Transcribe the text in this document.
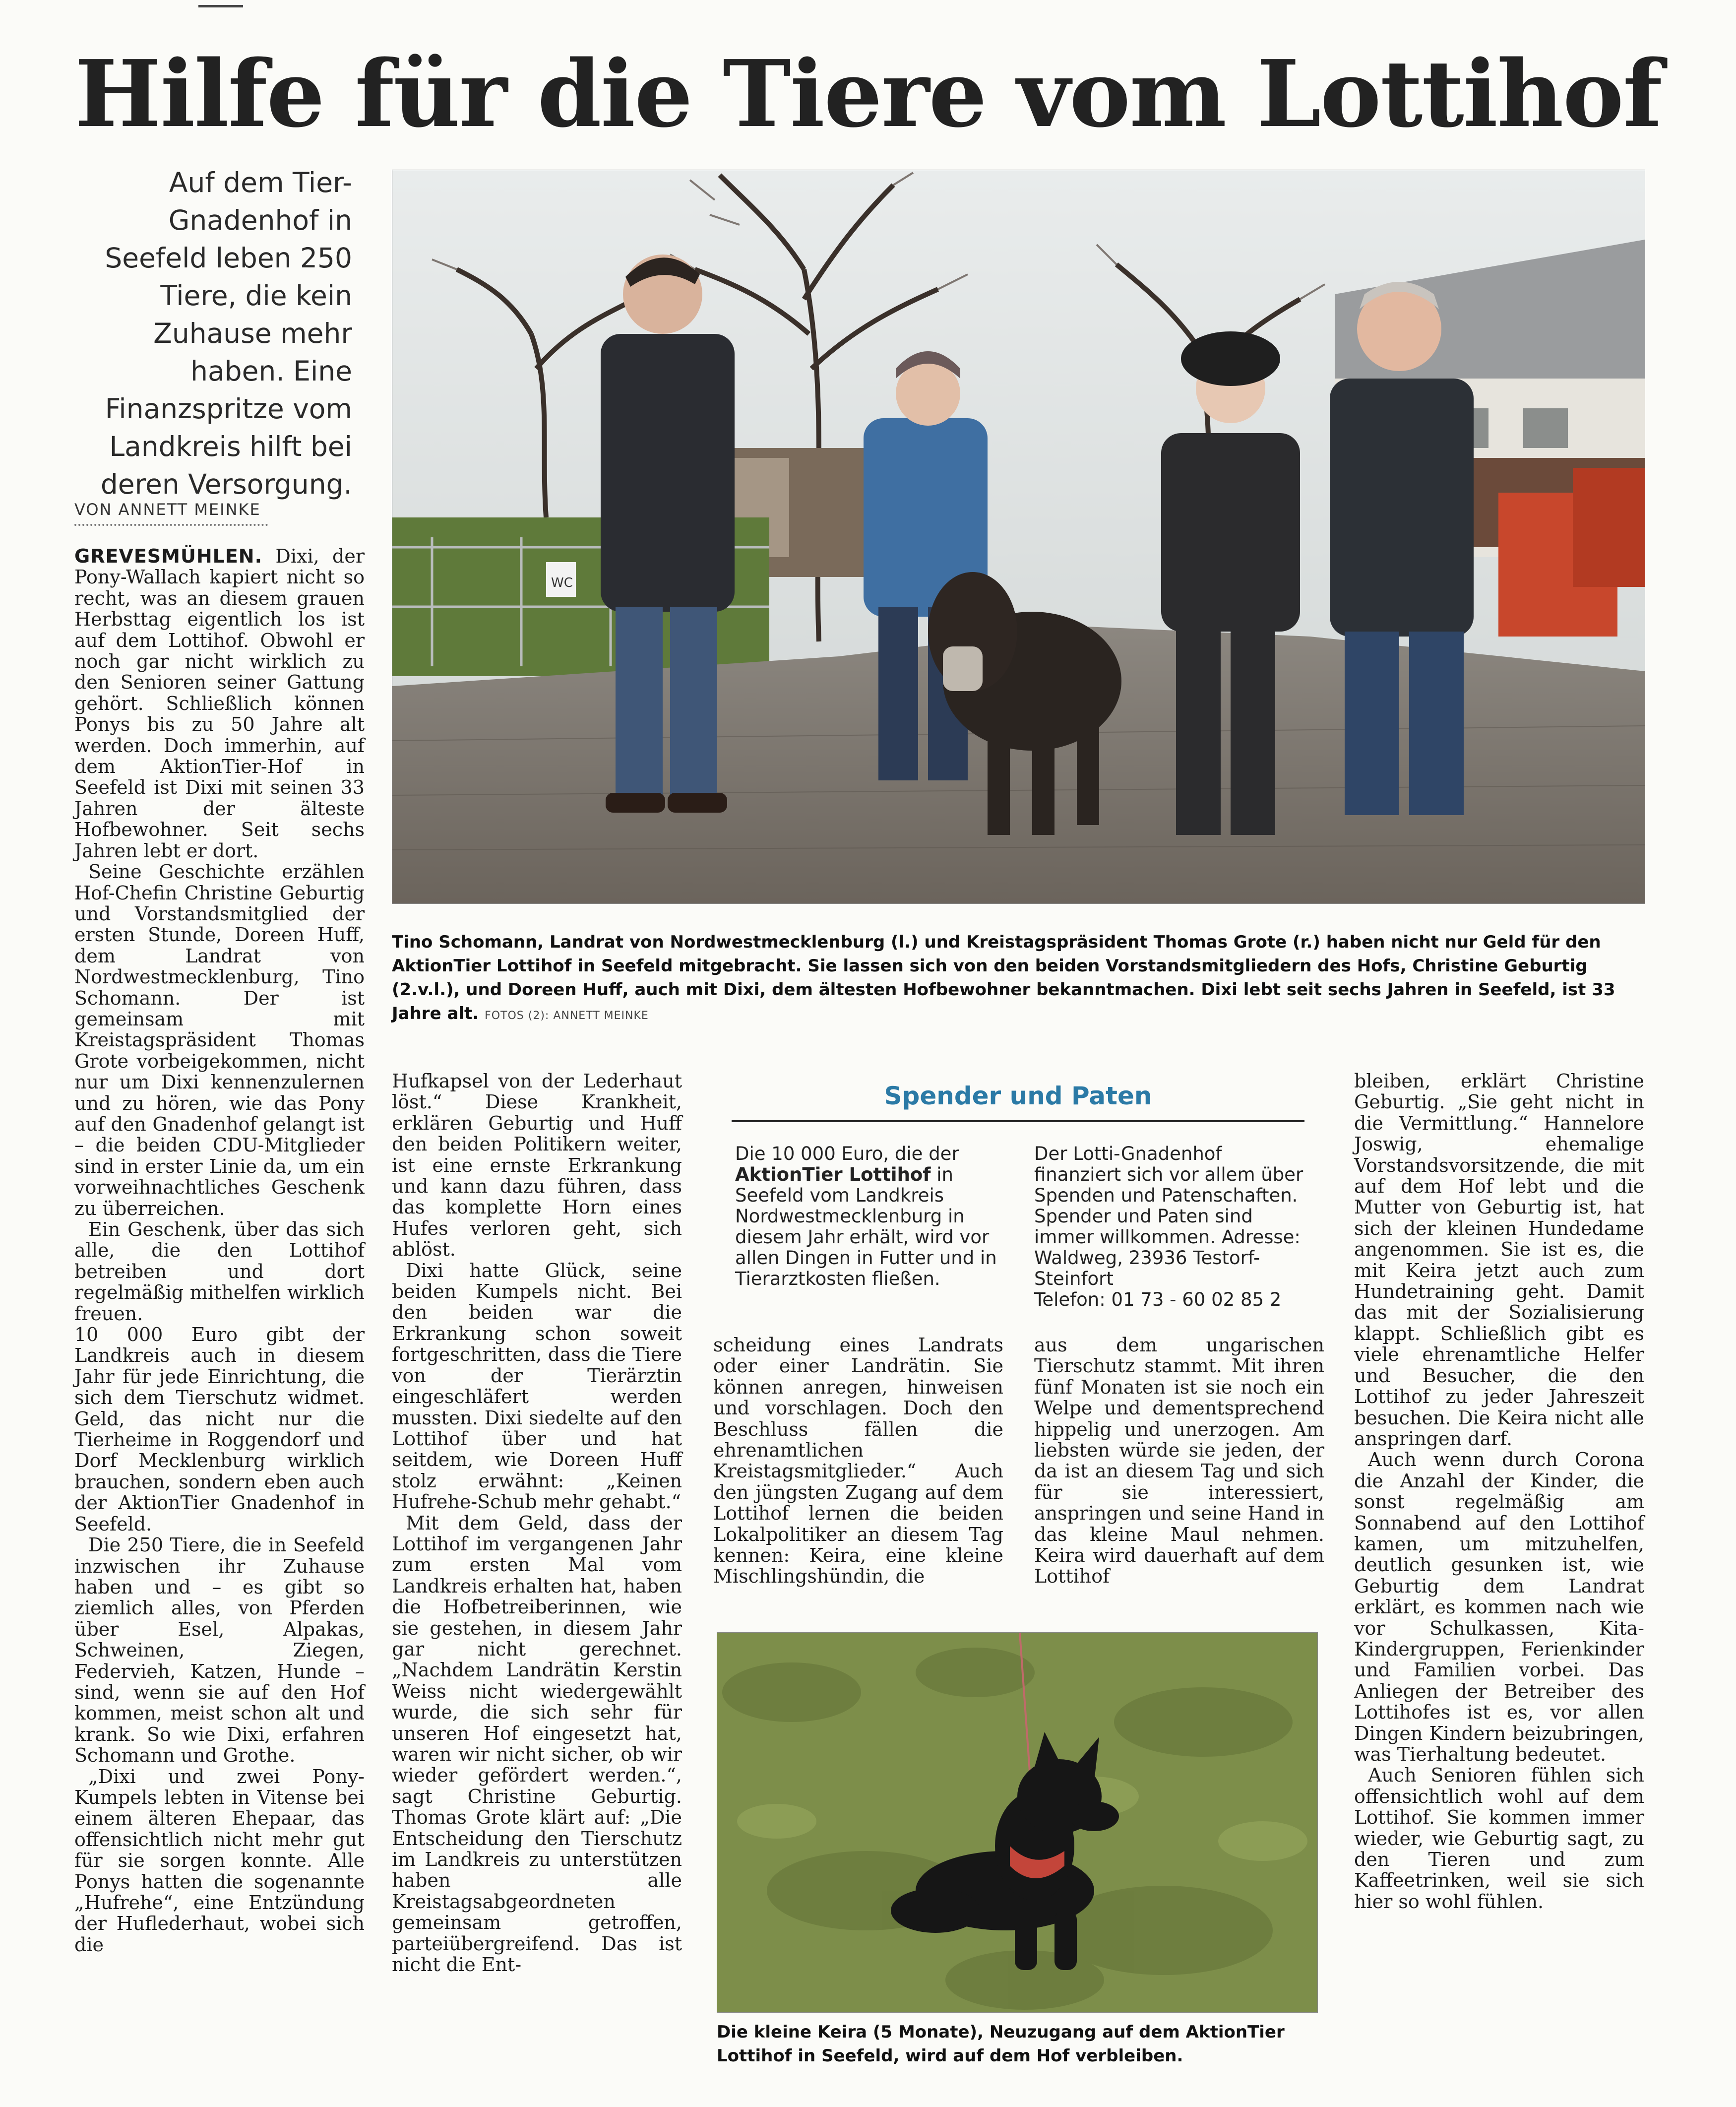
Hilfe für die Tiere vom Lottihof
Auf dem Tier-Gnadenhof in Seefeld leben 250 Tiere, die kein Zuhause mehr haben. Eine Finanzspritze vom Landkreis hilft bei deren Versorgung.
VON ANNETT MEINKE

GREVESMÜHLEN. Dixi, der Pony-Wallach kapiert nicht so recht, was an diesem grauen Herbsttag eigentlich los ist auf dem Lottihof. Obwohl er noch gar nicht wirklich zu den Senioren seiner Gattung gehört. Schließlich können Ponys bis zu 50 Jahre alt werden. Doch immerhin, auf dem AktionTier-Hof in Seefeld ist Dixi mit seinen 33 Jahren der älteste Hofbewohner. Seit sechs Jahren lebt er dort.

Seine Geschichte erzählen Hof-Chefin Christine Geburtig und Vorstandsmitglied der ersten Stunde, Doreen Huff, dem Landrat von Nordwestmecklenburg, Tino Schomann. Der ist gemeinsam mit Kreistagspräsident Thomas Grote vorbeigekommen, nicht nur um Dixi kennenzulernen und zu hören, wie das Pony auf den Gnadenhof gelangt ist – die beiden CDU-Mitglieder sind in erster Linie da, um ein vorweihnachtliches Geschenk zu überreichen.

Ein Geschenk, über das sich alle, die den Lottihof betreiben und dort regelmäßig mithelfen wirklich freuen.

10 000 Euro gibt der Landkreis auch in diesem Jahr für jede Einrichtung, die sich dem Tierschutz widmet. Geld, das nicht nur die Tierheime in Roggendorf und Dorf Mecklenburg wirklich brauchen, sondern eben auch der AktionTier Gnadenhof in Seefeld.

Die 250 Tiere, die in Seefeld inzwischen ihr Zuhause haben und – es gibt so ziemlich alles, von Pferden über Esel, Alpakas, Schweinen, Ziegen, Federvieh, Katzen, Hunde – sind, wenn sie auf den Hof kommen, meist schon alt und krank. So wie Dixi, erfahren Schomann und Grothe.

„Dixi und zwei Pony-Kumpels lebten in Vitense bei einem älteren Ehepaar, das offensichtlich nicht mehr gut für sie sorgen konnte. Alle Ponys hatten die sogenannte „Hufrehe“, eine Entzündung der Huflederhaut, wobei sich die

WC
Tino Schomann, Landrat von Nordwestmecklenburg (l.) und Kreistagspräsident Thomas Grote (r.) haben nicht nur Geld für den AktionTier Lottihof in Seefeld mitgebracht. Sie lassen sich von den beiden Vorstandsmitgliedern des Hofs, Christine Geburtig (2.v.l.), und Doreen Huff, auch mit Dixi, dem ältesten Hofbewohner bekanntmachen. Dixi lebt seit sechs Jahren in Seefeld, ist 33 Jahre alt. FOTOS (2): ANNETT MEINKE

Hufkapsel von der Lederhaut löst.“ Diese Krankheit, erklären Geburtig und Huff den beiden Politikern weiter, ist eine ernste Erkrankung und kann dazu führen, dass das komplette Horn eines Hufes verloren geht, sich ablöst.

Dixi hatte Glück, seine beiden Kumpels nicht. Bei den beiden war die Erkrankung schon soweit fortgeschritten, dass die Tiere von der Tierärztin eingeschläfert werden mussten. Dixi siedelte auf den Lottihof über und hat seitdem, wie Doreen Huff stolz erwähnt: „Keinen Hufrehe-Schub mehr gehabt.“

Mit dem Geld, dass der Lottihof im vergangenen Jahr zum ersten Mal vom Landkreis erhalten hat, haben die Hofbetreiberinnen, wie sie gestehen, in diesem Jahr gar nicht gerechnet. „Nachdem Landrätin Kerstin Weiss nicht wiedergewählt wurde, die sich sehr für unseren Hof eingesetzt hat, waren wir nicht sicher, ob wir wieder gefördert werden.“, sagt Christine Geburtig. Thomas Grote klärt auf: „Die Entscheidung den Tierschutz im Landkreis zu unterstützen haben alle Kreistagsabgeordneten gemeinsam getroffen, parteiübergreifend. Das ist nicht die Ent-

Spender und Paten
Die 10 000 Euro, die der AktionTier Lottihof in Seefeld vom Landkreis Nordwestmecklenburg in diesem Jahr erhält, wird vor allen Dingen in Futter und in Tierarztkosten fließen.
Der Lotti-Gnadenhof finanziert sich vor allem über Spenden und Patenschaften. Spender und Paten sind immer willkommen. Adresse: Waldweg, 23936 Testorf-Steinfort
Telefon: 01 73 - 60 02 85 2

scheidung eines Landrats oder einer Landrätin. Sie können anregen, hinweisen und vorschlagen. Doch den Beschluss fällen die ehrenamtlichen Kreistagsmitglieder.“ Auch den jüngsten Zugang auf dem Lottihof lernen die beiden Lokalpolitiker an diesem Tag kennen: Keira, eine kleine Mischlingshündin, die

aus dem ungarischen Tierschutz stammt. Mit ihren fünf Monaten ist sie noch ein Welpe und dementsprechend hippelig und unerzogen. Am liebsten würde sie jeden, der da ist an diesem Tag und sich für sie interessiert, anspringen und seine Hand in das kleine Maul nehmen. Keira wird dauerhaft auf dem Lottihof

Die kleine Keira (5 Monate), Neuzugang auf dem AktionTier Lottihof in Seefeld, wird auf dem Hof verbleiben.

bleiben, erklärt Christine Geburtig. „Sie geht nicht in die Vermittlung.“ Hannelore Joswig, ehemalige Vorstandsvorsitzende, die mit auf dem Hof lebt und die Mutter von Geburtig ist, hat sich der kleinen Hundedame angenommen. Sie ist es, die mit Keira jetzt auch zum Hundetraining geht. Damit das mit der Sozialisierung klappt. Schließlich gibt es viele ehrenamtliche Helfer und Besucher, die den Lottihof zu jeder Jahreszeit besuchen. Die Keira nicht alle anspringen darf.

Auch wenn durch Corona die Anzahl der Kinder, die sonst regelmäßig am Sonnabend auf den Lottihof kamen, um mitzuhelfen, deutlich gesunken ist, wie Geburtig dem Landrat erklärt, es kommen nach wie vor Schulkassen, Kita-Kindergruppen, Ferienkinder und Familien vorbei. Das Anliegen der Betreiber des Lottihofes ist es, vor allen Dingen Kindern beizubringen, was Tierhaltung bedeutet.

Auch Senioren fühlen sich offensichtlich wohl auf dem Lottihof. Sie kommen immer wieder, wie Geburtig sagt, zu den Tieren und zum Kaffeetrinken, weil sie sich hier so wohl fühlen.
